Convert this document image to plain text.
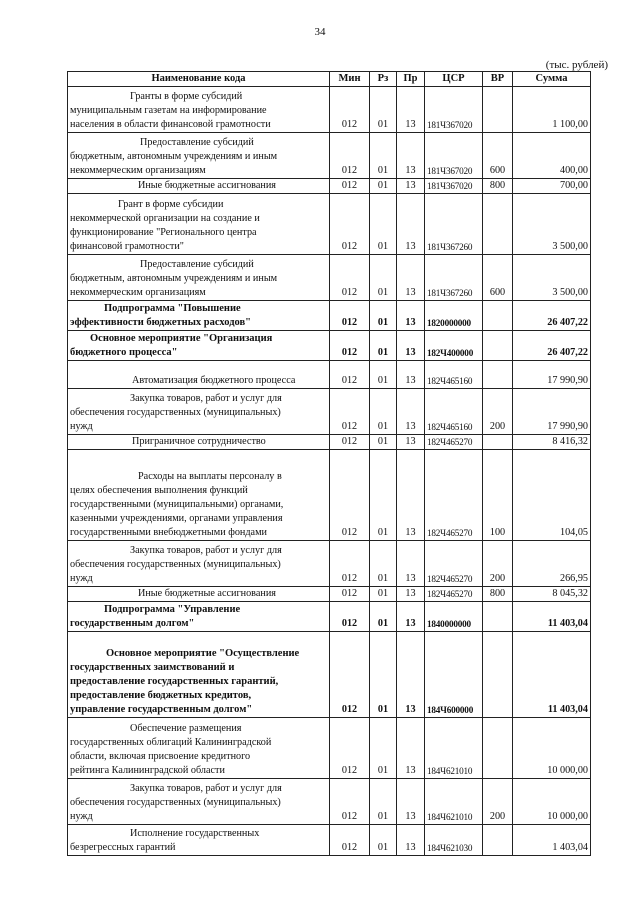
34
(тыс. рублей)
Наименование кода	Мин	Рз	Пр	ЦСР	ВР	Сумма
Гранты в форме субсидий
муниципальным газетам на информирование
населения в области финансовой грамотности	012	01	13	181Ч367020		1 100,00
Предоставление субсидий
бюджетным, автономным учреждениям и иным
некоммерческим организациям	012	01	13	181Ч367020	600	400,00
Иные бюджетные ассигнования	012	01	13	181Ч367020	800	700,00
Грант в форме субсидии
некоммерческой организации на создание и
функционирование "Регионального центра
финансовой грамотности"	012	01	13	181Ч367260		3 500,00
Предоставление субсидий
бюджетным, автономным учреждениям и иным
некоммерческим организациям	012	01	13	181Ч367260	600	3 500,00
Подпрограмма "Повышение
эффективности бюджетных расходов"	012	01	13	1820000000		26 407,22
Основное мероприятие "Организация
бюджетного процесса"	012	01	13	182Ч400000		26 407,22
Автоматизация бюджетного процесса	012	01	13	182Ч465160		17 990,90
Закупка товаров, работ и услуг для
обеспечения государственных (муниципальных)
нужд	012	01	13	182Ч465160	200	17 990,90
Приграничное сотрудничество	012	01	13	182Ч465270		8 416,32
Расходы на выплаты персоналу в
целях обеспечения выполнения функций
государственными (муниципальными) органами,
казенными учреждениями, органами управления
государственными внебюджетными фондами	012	01	13	182Ч465270	100	104,05
Закупка товаров, работ и услуг для
обеспечения государственных (муниципальных)
нужд	012	01	13	182Ч465270	200	266,95
Иные бюджетные ассигнования	012	01	13	182Ч465270	800	8 045,32
Подпрограмма "Управление
государственным долгом"	012	01	13	1840000000		11 403,04
Основное мероприятие "Осуществление
государственных заимствований и
предоставление государственных гарантий,
предоставление бюджетных кредитов,
управление государственным долгом"	012	01	13	184Ч600000		11 403,04
Обеспечение размещения
государственных облигаций Калининградской
области, включая присвоение кредитного
рейтинга Калининградской области	012	01	13	184Ч621010		10 000,00
Закупка товаров, работ и услуг для
обеспечения государственных (муниципальных)
нужд	012	01	13	184Ч621010	200	10 000,00
Исполнение государственных
безрегрессных гарантий	012	01	13	184Ч621030		1 403,04
